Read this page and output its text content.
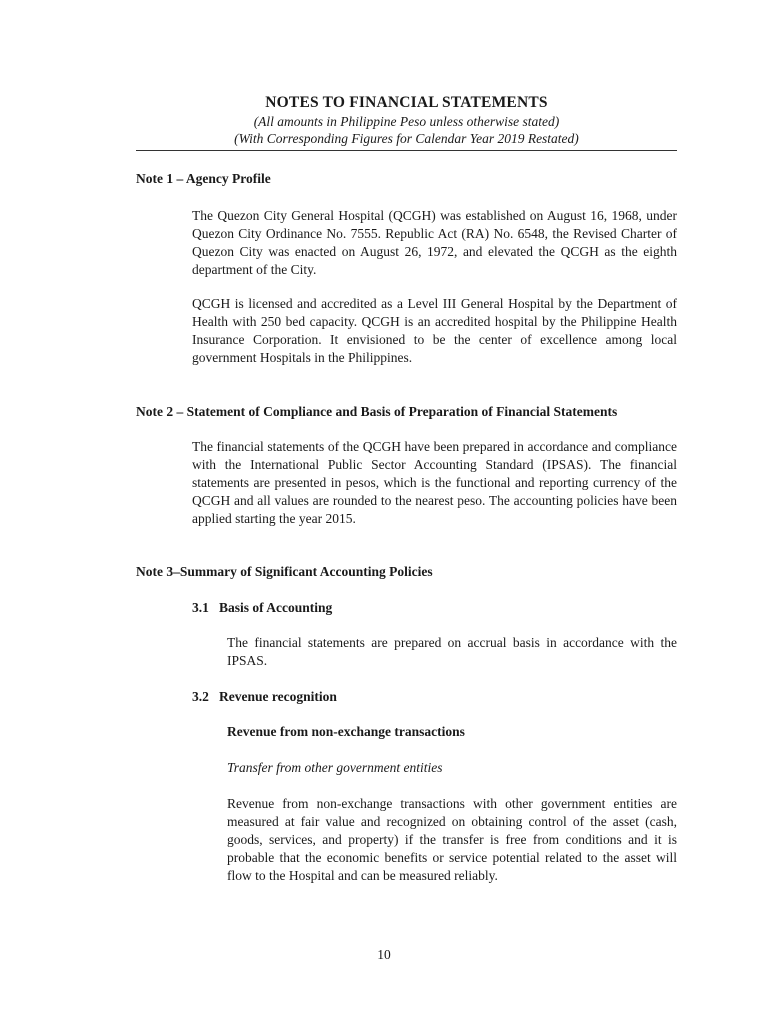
NOTES TO FINANCIAL STATEMENTS
(All amounts in Philippine Peso unless otherwise stated)
(With Corresponding Figures for Calendar Year 2019 Restated)
Note 1 – Agency Profile

The Quezon City General Hospital (QCGH) was established on August 16, 1968, under Quezon City Ordinance No. 7555. Republic Act (RA) No. 6548, the Revised Charter of Quezon City was enacted on August 26, 1972, and elevated the QCGH as the eighth department of the City.

QCGH is licensed and accredited as a Level III General Hospital by the Department of Health with 250 bed capacity. QCGH is an accredited hospital by the Philippine Health Insurance Corporation. It envisioned to be the center of excellence among local government Hospitals in the Philippines.

Note 2 – Statement of Compliance and Basis of Preparation of Financial Statements

The financial statements of the QCGH have been prepared in accordance and compliance with the International Public Sector Accounting Standard (IPSAS). The financial statements are presented in pesos, which is the functional and reporting currency of the QCGH and all values are rounded to the nearest peso. The accounting policies have been applied starting the year 2015.

Note 3–Summary of Significant Accounting Policies
3.1   Basis of Accounting

The financial statements are prepared on accrual basis in accordance with the IPSAS.

3.2   Revenue recognition
Revenue from non-exchange transactions
Transfer from other government entities

Revenue from non-exchange transactions with other government entities are measured at fair value and recognized on obtaining control of the asset (cash, goods, services, and property) if the transfer is free from conditions and it is probable that the economic benefits or service potential related to the asset will flow to the Hospital and can be measured reliably.

10
